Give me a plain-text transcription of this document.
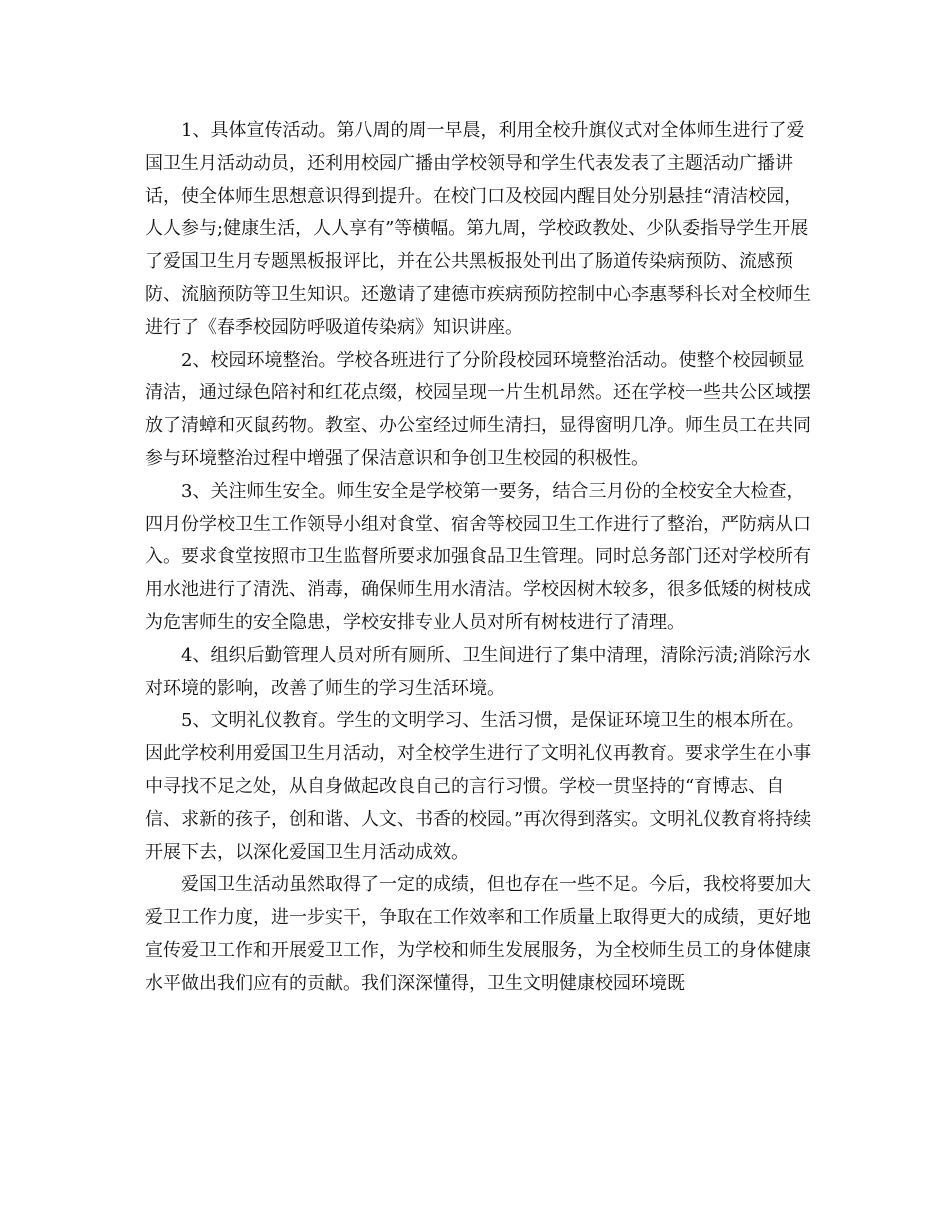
1、具体宣传活动。第八周的周一早晨，利用全校升旗仪式对全体师生进行了爱国卫生月活动动员，还利用校园广播由学校领导和学生代表发表了主题活动广播讲话，使全体师生思想意识得到提升。在校门口及校园内醒目处分别悬挂“清洁校园，人人参与;健康生活，人人享有”等横幅。第九周，学校政教处、少队委指导学生开展了爱国卫生月专题黑板报评比，并在公共黑板报处刊出了肠道传染病预防、流感预防、流脑预防等卫生知识。还邀请了建德市疾病预防控制中心李惠琴科长对全校师生进行了《春季校园防呼吸道传染病》知识讲座。

2、校园环境整治。学校各班进行了分阶段校园环境整治活动。使整个校园顿显清洁，通过绿色陪衬和红花点缀，校园呈现一片生机昂然。还在学校一些共公区域摆放了清蟑和灭鼠药物。教室、办公室经过师生清扫，显得窗明几净。师生员工在共同参与环境整治过程中增强了保洁意识和争创卫生校园的积极性。

3、关注师生安全。师生安全是学校第一要务，结合三月份的全校安全大检查，四月份学校卫生工作领导小组对食堂、宿舍等校园卫生工作进行了整治，严防病从口入。要求食堂按照市卫生监督所要求加强食品卫生管理。同时总务部门还对学校所有用水池进行了清洗、消毒，确保师生用水清洁。学校因树木较多，很多低矮的树枝成为危害师生的安全隐患，学校安排专业人员对所有树枝进行了清理。

4、组织后勤管理人员对所有厕所、卫生间进行了集中清理，清除污渍;消除污水对环境的影响，改善了师生的学习生活环境。

5、文明礼仪教育。学生的文明学习、生活习惯，是保证环境卫生的根本所在。因此学校利用爱国卫生月活动，对全校学生进行了文明礼仪再教育。要求学生在小事中寻找不足之处，从自身做起改良自己的言行习惯。学校一贯坚持的“育博志、自信、求新的孩子，创和谐、人文、书香的校园。”再次得到落实。文明礼仪教育将持续开展下去，以深化爱国卫生月活动成效。

爱国卫生活动虽然取得了一定的成绩，但也存在一些不足。今后，我校将要加大爱卫工作力度，进一步实干，争取在工作效率和工作质量上取得更大的成绩，更好地宣传爱卫工作和开展爱卫工作，为学校和师生发展服务，为全校师生员工的身体健康水平做出我们应有的贡献。我们深深懂得，卫生文明健康校园环境既
